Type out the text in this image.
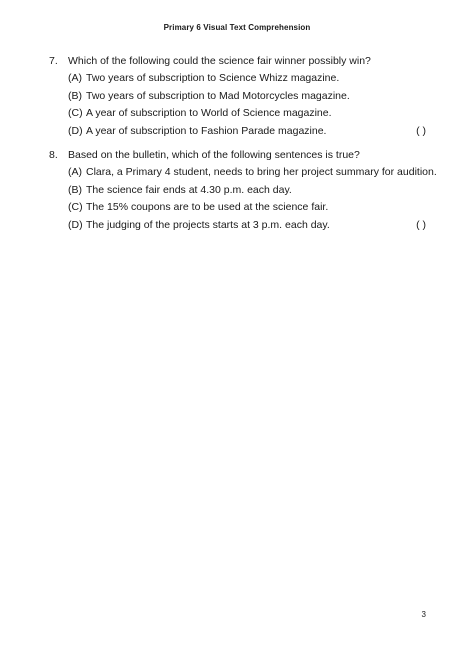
Primary 6 Visual Text Comprehension
7. Which of the following could the science fair winner possibly win?
(A) Two years of subscription to Science Whizz magazine.
(B) Two years of subscription to Mad Motorcycles magazine.
(C) A year of subscription to World of Science magazine.
(D) A year of subscription to Fashion Parade magazine.	( )
8. Based on the bulletin, which of the following sentences is true?
(A) Clara, a Primary 4 student, needs to bring her project summary for audition.
(B) The science fair ends at 4.30 p.m. each day.
(C) The 15% coupons are to be used at the science fair.
(D) The judging of the projects starts at 3 p.m. each day.	( )
3
